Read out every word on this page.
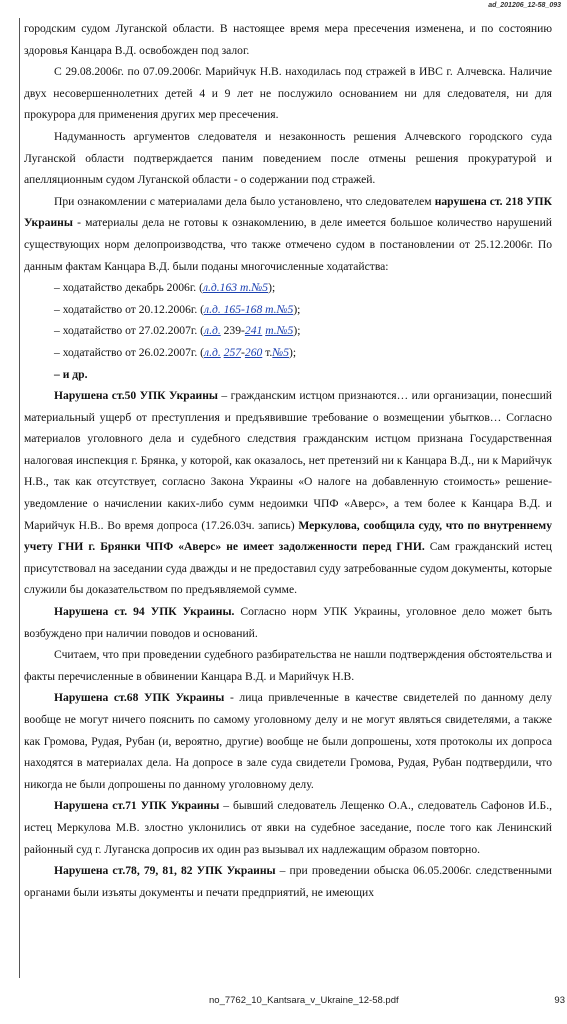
ad_201206_12-58_093

городским судом Луганской области. В настоящее время мера пресечения изменена, и по состоянию здоровья Канцара В.Д. освобожден под залог.

С 29.08.2006г. по 07.09.2006г. Марийчук Н.В. находилась под стражей в ИВС г. Алчевска. Наличие двух несовершеннолетних детей 4 и 9 лет не послужило основанием ни для следователя, ни для прокурора для применения других мер пресечения.

Надуманность аргументов следователя и незаконность решения Алчевского городского суда Луганской области подтверждается паним поведением после отмены решения прокуратурой и апелляционным судом Луганской области - о содержании под стражей.

При ознакомлении с материалами дела было установлено, что следователем нарушена ст. 218 УПК Украины - материалы дела не готовы к ознакомлению, в деле имеется большое количество нарушений существующих норм делопроизводства, что также отмечено судом в постановлении от 25.12.2006г. По данным фактам Канцара В.Д. были поданы многочисленные ходатайства:

– ходатайство декабрь 2006г. (л.д.163 т.№5);

– ходатайство от 20.12.2006г. (л.д. 165-168 т.№5);

– ходатайство от 27.02.2007г. (л.д. 239-241 т.№5);

– ходатайство от 26.02.2007г. (л.д. 257-260 т.№5);

– и др.

Нарушена ст.50 УПК Украины – гражданским истцом признаются… или организации, понесший материальный ущерб от преступления и предъявившие требование о возмещении убытков… Согласно материалов уголовного дела и судебного следствия гражданским истцом признана Государственная налоговая инспекция г. Брянка, у которой, как оказалось, нет претензий ни к Канцара В.Д., ни к Марийчук Н.В., так как отсутствует, согласно Закона Украины «О налоге на добавленную стоимость» решение-уведомление о начислении каких-либо сумм недоимки ЧПФ «Аверс», а тем более к Канцара В.Д. и Марийчук Н.В.. Во время допроса (17.26.03ч. запись) Меркулова, сообщила суду, что по внутреннему учету ГНИ г. Брянки ЧПФ «Аверс» не имеет задолженности перед ГНИ. Сам гражданский истец присутствовал на заседании суда дважды и не предоставил суду затребованные судом документы, которые служили бы доказательством по предъявляемой сумме.

Нарушена ст. 94 УПК Украины. Согласно норм УПК Украины, уголовное дело может быть возбуждено при наличии поводов и оснований.

Считаем, что при проведении судебного разбирательства не нашли подтверждения обстоятельства и факты перечисленные в обвинении Канцара В.Д. и Марийчук Н.В.

Нарушена ст.68 УПК Украины - лица привлеченные в качестве свидетелей по данному делу вообще не могут ничего пояснить по самому уголовному делу и не могут являться свидетелями, а также как Громова, Рудая, Рубан (и, вероятно, другие) вообще не были допрошены, хотя протоколы их допроса находятся в материалах дела. На допросе в зале суда свидетели Громова, Рудая, Рубан подтвердили, что никогда не были допрошены по данному уголовному делу.

Нарушена ст.71 УПК Украины – бывший следователь Лещенко О.А., следователь Сафонов И.Б., истец Меркулова М.В. злостно уклонились от явки на судебное заседание, после того как Ленинский районный суд г. Луганска допросив их один раз вызывал их надлежащим образом повторно.

Нарушена ст.78, 79, 81, 82 УПК Украины – при проведении обыска 06.05.2006г. следственными органами были изъяты документы и печати предприятий, не имеющих

no_7762_10_Kantsara_v_Ukraine_12-58.pdf	93
